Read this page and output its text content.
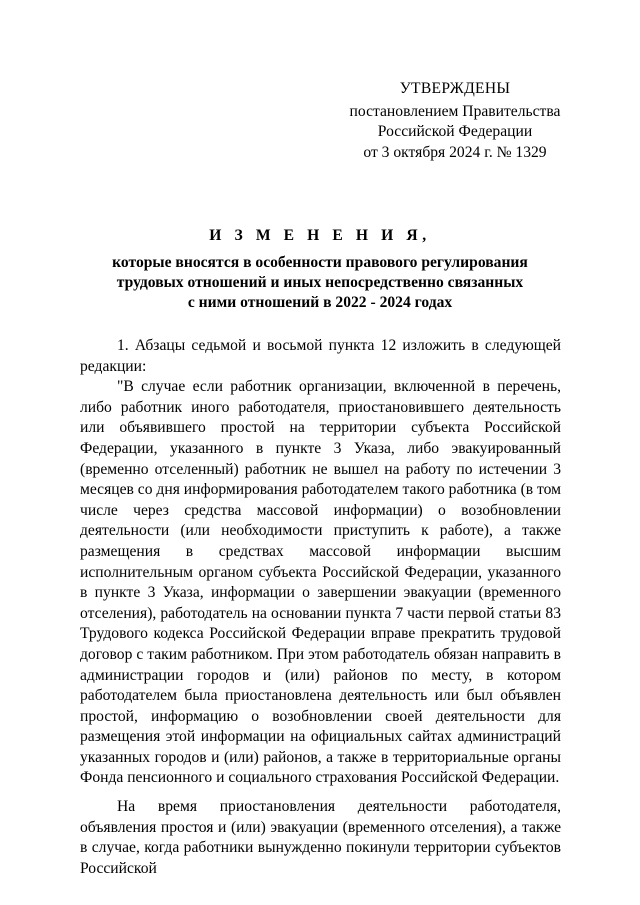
УТВЕРЖДЕНЫ
постановлением Правительства
Российской Федерации
от 3 октября 2024 г. № 1329
И З М Е Н Е Н И Я,
которые вносятся в особенности правового регулирования
трудовых отношений и иных непосредственно связанных
с ними отношений в 2022 - 2024 годах

1. Абзацы седьмой и восьмой пункта 12 изложить в следующей редакции:

"В случае если работник организации, включенной в перечень, либо работник иного работодателя, приостановившего деятельность или объявившего простой на территории субъекта Российской Федерации, указанного в пункте 3 Указа, либо эвакуированный (временно отселенный) работник не вышел на работу по истечении 3 месяцев со дня информирования работодателем такого работника (в том числе через средства массовой информации) о возобновлении деятельности (или необходимости приступить к работе), а также размещения в средствах массовой информации высшим исполнительным органом субъекта Российской Федерации, указанного в пункте 3 Указа, информации о завершении эвакуации (временного отселения), работодатель на основании пункта 7 части первой статьи 83 Трудового кодекса Российской Федерации вправе прекратить трудовой договор с таким работником. При этом работодатель обязан направить в администрации городов и (или) районов по месту, в котором работодателем была приостановлена деятельность или был объявлен простой, информацию о возобновлении своей деятельности для размещения этой информации на официальных сайтах администраций указанных городов и (или) районов, а также в территориальные органы Фонда пенсионного и социального страхования Российской Федерации.

На время приостановления деятельности работодателя, объявления простоя и (или) эвакуации (временного отселения), а также в случае, когда работники вынужденно покинули территории субъектов Российской
